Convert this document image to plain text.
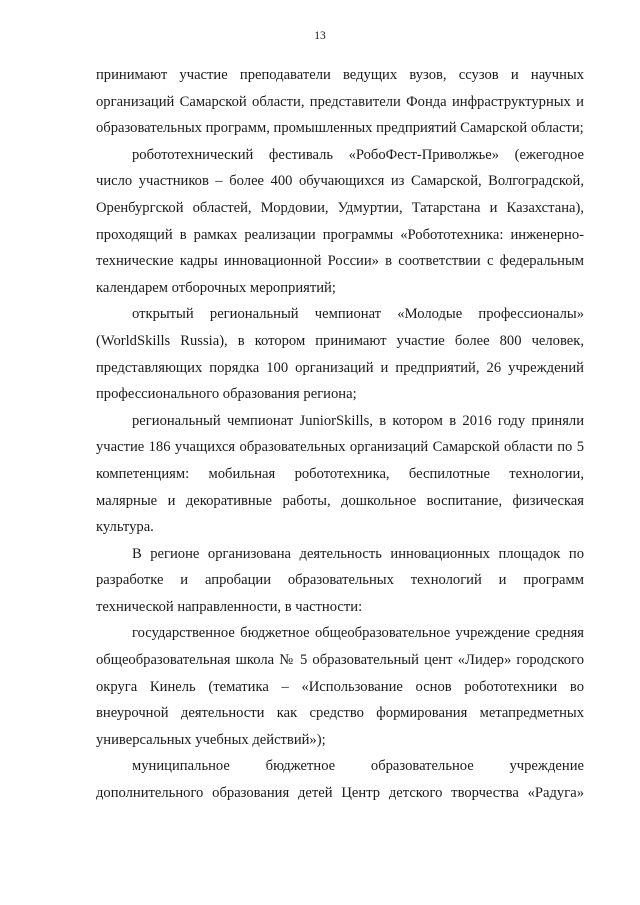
13

принимают участие преподаватели ведущих вузов, ссузов и научных организаций Самарской области, представители Фонда инфраструктурных и образовательных программ, промышленных предприятий Самарской области;

робототехнический фестиваль «РобоФест-Приволжье» (ежегодное число участников – более 400 обучающихся из Самарской, Волгоградской, Оренбургской областей, Мордовии, Удмуртии, Татарстана и Казахстана), проходящий в рамках реализации программы «Робототехника: инженерно-технические кадры инновационной России» в соответствии с федеральным календарем отборочных мероприятий;

открытый региональный чемпионат «Молодые профессионалы» (WorldSkills Russia), в котором принимают участие более 800 человек, представляющих порядка 100 организаций и предприятий, 26 учреждений профессионального образования региона;

региональный чемпионат JuniorSkills, в котором в 2016 году приняли участие 186 учащихся образовательных организаций Самарской области по 5 компетенциям: мобильная робототехника, беспилотные технологии, малярные и декоративные работы, дошкольное воспитание, физическая культура.

В регионе организована деятельность инновационных площадок по разработке и апробации образовательных технологий и программ технической направленности, в частности:

государственное бюджетное общеобразовательное учреждение средняя общеобразовательная школа № 5 образовательный цент «Лидер» городского округа Кинель (тематика – «Использование основ робототехники во внеурочной деятельности как средство формирования метапредметных универсальных учебных действий»);

муниципальное бюджетное образовательное учреждение дополнительного образования детей Центр детского творчества «Радуга»
